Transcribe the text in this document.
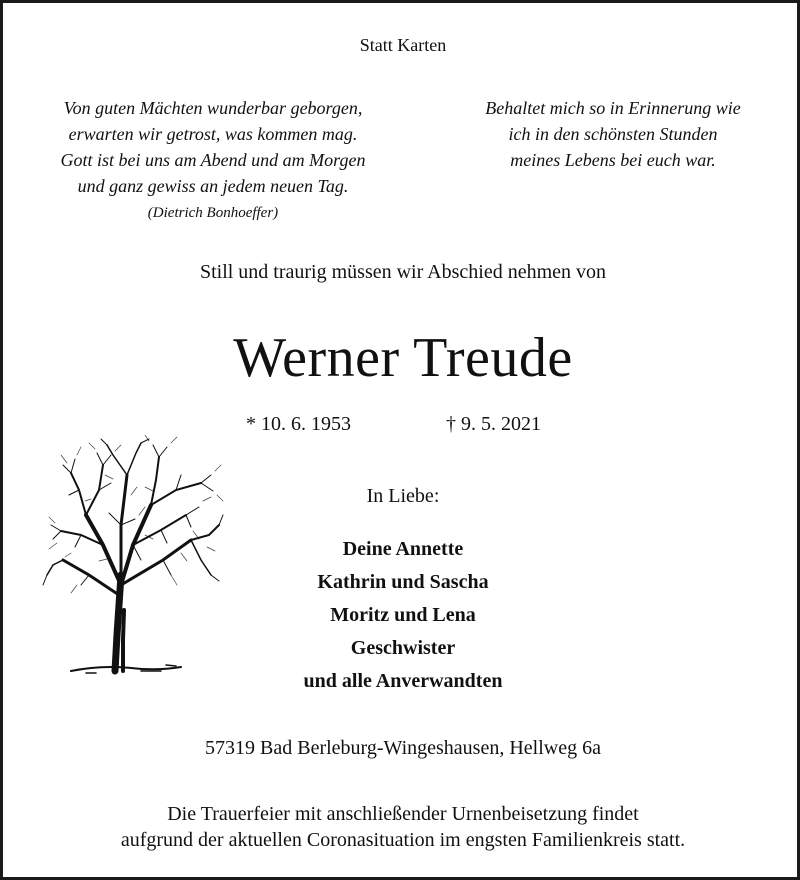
Statt Karten
Von guten Mächten wunderbar geborgen,
erwarten wir getrost, was kommen mag.
Gott ist bei uns am Abend und am Morgen
und ganz gewiss an jedem neuen Tag.
(Dietrich Bonhoeffer)
Behaltet mich so in Erinnerung wie
ich in den schönsten Stunden
meines Lebens bei euch war.
Still und traurig müssen wir Abschied nehmen von
Werner Treude
* 10. 6. 1953	† 9. 5. 2021
In Liebe:
Deine Annette
Kathrin und Sascha
Moritz und Lena
Geschwister
und alle Anverwandten
57319 Bad Berleburg-Wingeshausen, Hellweg 6a
Die Trauerfeier mit anschließender Urnenbeisetzung findet
aufgrund der aktuellen Coronasituation im engsten Familienkreis statt.
